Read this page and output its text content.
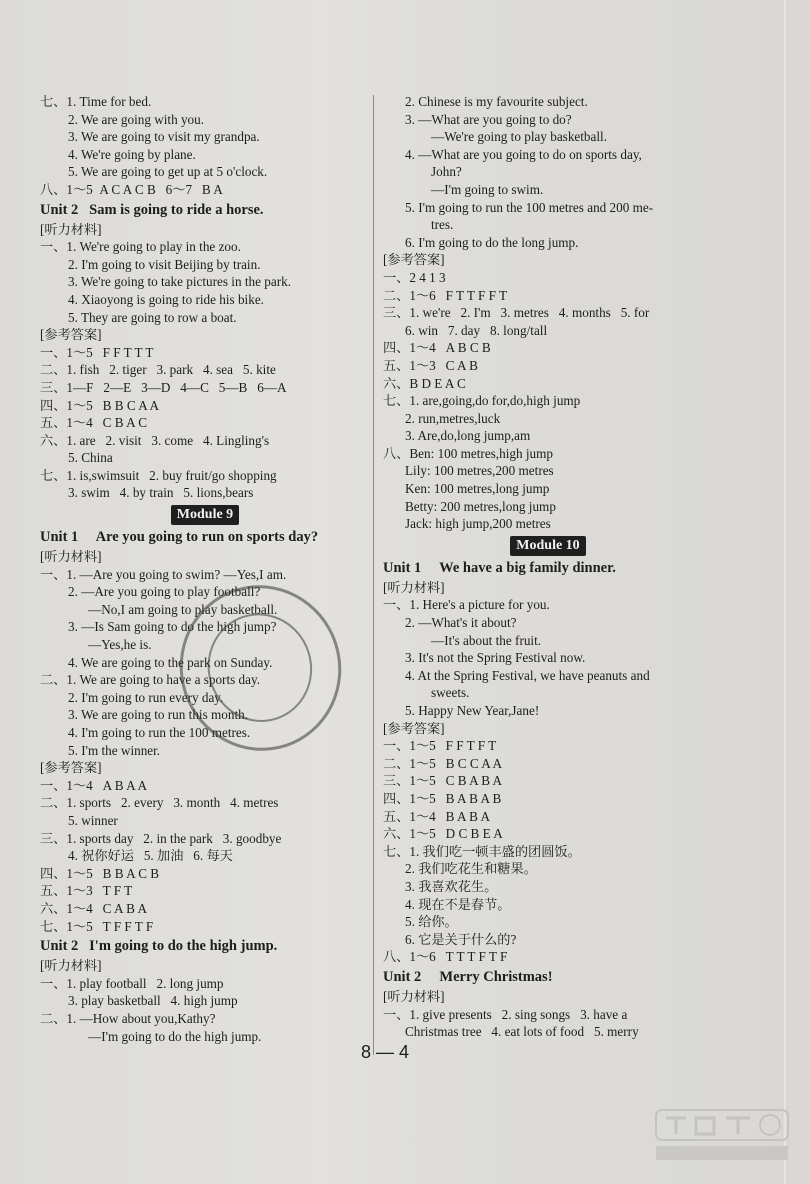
七、1. Time for bed.
2. We are going with you.
3. We are going to visit my grandpa.
4. We're going by plane.
5. We are going to get up at 5 o'clock.
八、1～5  A C A C B   6～7   B A
Unit 2   Sam is going to ride a horse.
[听力材料]
一、1. We're going to play in the zoo.
2. I'm going to visit Beijing by train.
3. We're going to take pictures in the park.
4. Xiaoyong is going to ride his bike.
5. They are going to row a boat.
[参考答案]
一、1～5   F F T T T
二、1. fish   2. tiger   3. park   4. sea   5. kite
三、1—F   2—E   3—D   4—C   5—B   6—A
四、1～5   B B C A A
五、1～4   C B A C
六、1. are   2. visit   3. come   4. Lingling's
5. China
七、1. is,swimsuit   2. buy fruit/go shopping
3. swim   4. by train   5. lions,bears
Module 9
Unit 1     Are you going to run on sports day?
[听力材料]
一、1. —Are you going to swim? —Yes,I am.
2. —Are you going to play football?
—No,I am going to play basketball.
3. —Is Sam going to do the high jump?
—Yes,he is.
4. We are going to the park on Sunday.
二、1. We are going to have a sports day.
2. I'm going to run every day.
3. We are going to run this month.
4. I'm going to run the 100 metres.
5. I'm the winner.
[参考答案]
一、1～4   A B A A
二、1. sports   2. every   3. month   4. metres
5. winner
三、1. sports day   2. in the park   3. goodbye
4. 祝你好运   5. 加油   6. 每天
四、1～5   B B A C B
五、1～3   T F T
六、1～4   C A B A
七、1～5   T F F T F
Unit 2   I'm going to do the high jump.
[听力材料]
一、1. play football   2. long jump
3. play basketball   4. high jump
二、1. —How about you,Kathy?
—I'm going to do the high jump.
2. Chinese is my favourite subject.
3. —What are you going to do?
—We're going to play basketball.
4. —What are you going to do on sports day,
John?
—I'm going to swim.
5. I'm going to run the 100 metres and 200 me-
tres.
6. I'm going to do the long jump.
[参考答案]
一、2 4 1 3
二、1～6   F T T F F T
三、1. we're   2. I'm   3. metres   4. months   5. for
6. win   7. day   8. long/tall
四、1～4   A B C B
五、1～3   C A B
六、B D E A C
七、1. are,going,do for,do,high jump
2. run,metres,luck
3. Are,do,long jump,am
八、Ben: 100 metres,high jump
Lily: 100 metres,200 metres
Ken: 100 metres,long jump
Betty: 200 metres,long jump
Jack: high jump,200 metres
Module 10
Unit 1     We have a big family dinner.
[听力材料]
一、1. Here's a picture for you.
2. —What's it about?
—It's about the fruit.
3. It's not the Spring Festival now.
4. At the Spring Festival, we have peanuts and
sweets.
5. Happy New Year,Jane!
[参考答案]
一、1～5   F F T F T
二、1～5   B C C A A
三、1～5   C B A B A
四、1～5   B A B A B
五、1～4   B A B A
六、1～5   D C B E A
七、1. 我们吃一顿丰盛的团圆饭。
2. 我们吃花生和糖果。
3. 我喜欢花生。
4. 现在不是春节。
5. 给你。
6. 它是关于什么的?
八、1～6   T T T F T F
Unit 2     Merry Christmas!
[听力材料]
一、1. give presents   2. sing songs   3. have a
Christmas tree   4. eat lots of food   5. merry
8 — 4
